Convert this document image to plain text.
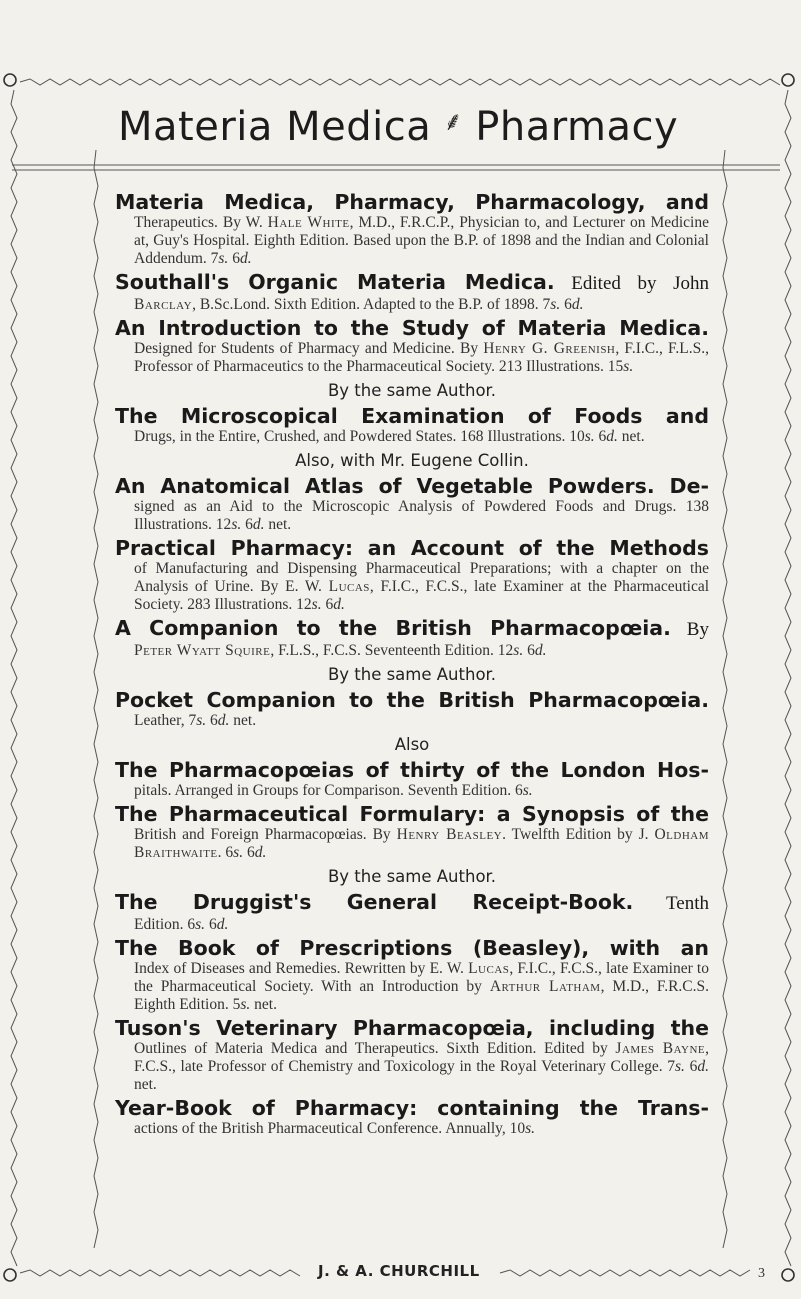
Materia Medica ⸙ Pharmacy
Materia Medica, Pharmacy, Pharmacology, and
Therapeutics. By W. Hale White, M.D., F.R.C.P., Physician to, and Lecturer on Medicine at, Guy's Hospital. Eighth Edition. Based upon the B.P. of 1898 and the Indian and Colonial Addendum. 7s. 6d.
Southall's Organic Materia Medica. Edited by John
Barclay, B.Sc.Lond. Sixth Edition. Adapted to the B.P. of 1898. 7s. 6d.
An Introduction to the Study of Materia Medica.
Designed for Students of Pharmacy and Medicine. By Henry G. Greenish, F.I.C., F.L.S., Professor of Pharmaceutics to the Pharmaceutical Society. 213 Illustrations. 15s.
By the same Author.
The Microscopical Examination of Foods and
Drugs, in the Entire, Crushed, and Powdered States. 168 Illustrations. 10s. 6d. net.
Also, with Mr. Eugene Collin.
An Anatomical Atlas of Vegetable Powders. De-
signed as an Aid to the Microscopic Analysis of Powdered Foods and Drugs. 138 Illustrations. 12s. 6d. net.
Practical Pharmacy: an Account of the Methods
of Manufacturing and Dispensing Pharmaceutical Preparations; with a chapter on the Analysis of Urine. By E. W. Lucas, F.I.C., F.C.S., late Examiner at the Pharmaceutical Society. 283 Illustrations. 12s. 6d.
A Companion to the British Pharmacopœia. By
Peter Wyatt Squire, F.L.S., F.C.S. Seventeenth Edition. 12s. 6d.
By the same Author.
Pocket Companion to the British Pharmacopœia.
Leather, 7s. 6d. net.
Also
The Pharmacopœias of thirty of the London Hos-
pitals. Arranged in Groups for Comparison. Seventh Edition. 6s.
The Pharmaceutical Formulary: a Synopsis of the
British and Foreign Pharmacopœias. By Henry Beasley. Twelfth Edition by J. Oldham Braithwaite. 6s. 6d.
By the same Author.
The Druggist's General Receipt-Book. Tenth
Edition. 6s. 6d.
The Book of Prescriptions (Beasley), with an
Index of Diseases and Remedies. Rewritten by E. W. Lucas, F.I.C., F.C.S., late Examiner to the Pharmaceutical Society. With an Introduction by Arthur Latham, M.D., F.R.C.S. Eighth Edition. 5s. net.
Tuson's Veterinary Pharmacopœia, including the
Outlines of Materia Medica and Therapeutics. Sixth Edition. Edited by James Bayne, F.C.S., late Professor of Chemistry and Toxicology in the Royal Veterinary College. 7s. 6d. net.
Year-Book of Pharmacy: containing the Trans-
actions of the British Pharmaceutical Conference. Annually, 10s.
J. & A. CHURCHILL	3
